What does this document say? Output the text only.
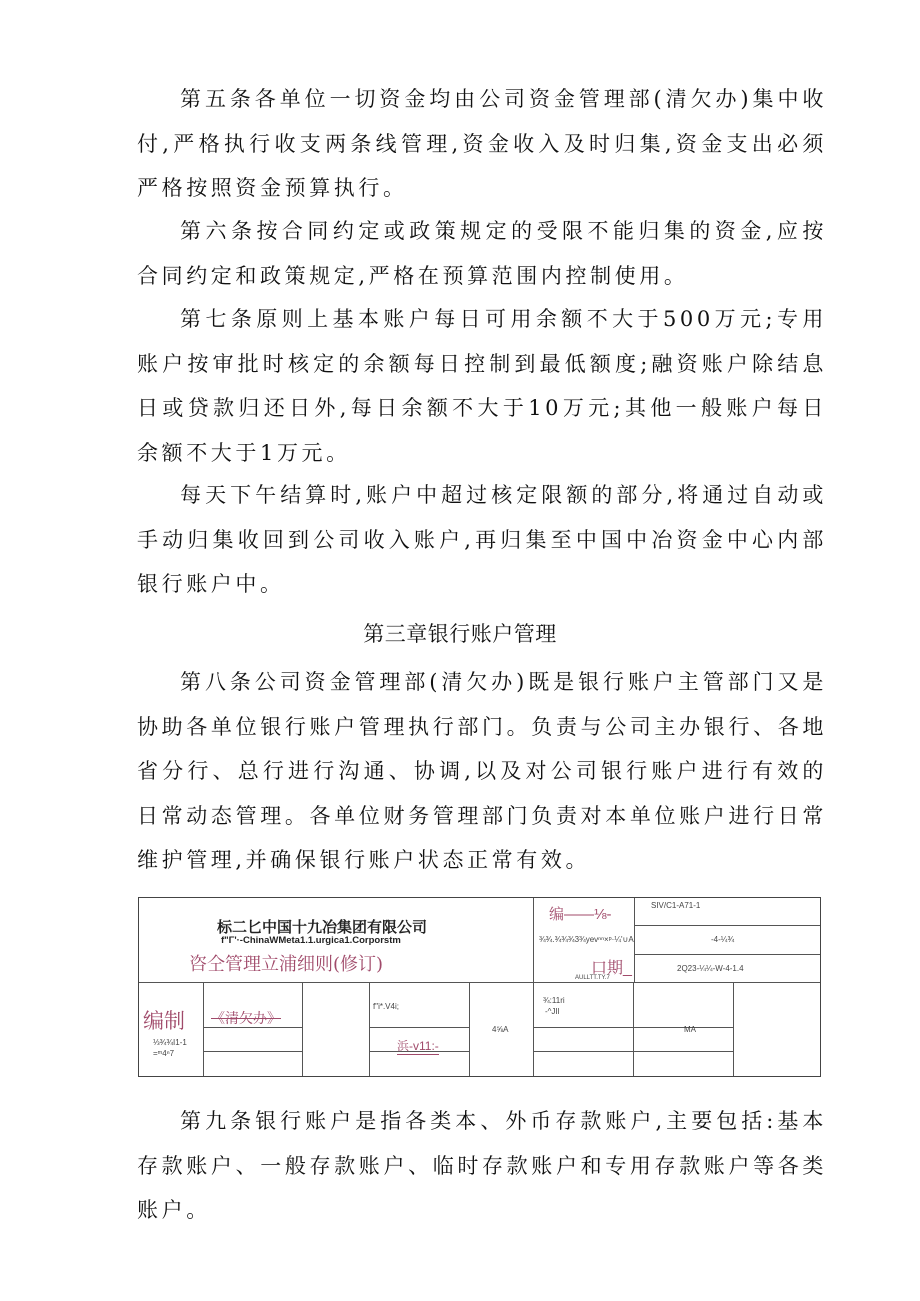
第五条各单位一切资金均由公司资金管理部(清欠办)集中收付,严格执行收支两条线管理,资金收入及时归集,资金支出必须严格按照资金预算执行。

第六条按合同约定或政策规定的受限不能归集的资金,应按合同约定和政策规定,严格在预算范围内控制使用。

第七条原则上基本账户每日可用余额不大于500万元;专用账户按审批时核定的余额每日控制到最低额度;融资账户除结息日或贷款归还日外,每日余额不大于10万元;其他一般账户每日余额不大于1万元。

每天下午结算时,账户中超过核定限额的部分,将通过自动或手动归集收回到公司收入账户,再归集至中国中冶资金中心内部银行账户中。

第三章银行账户管理

第八条公司资金管理部(清欠办)既是银行账户主管部门又是协助各单位银行账户管理执行部门。负责与公司主办银行、各地省分行、总行进行沟通、协调,以及对公司银行账户进行有效的日常动态管理。各单位财务管理部门负责对本单位账户进行日常维护管理,并确保银行账户状态正常有效。

标二匕中国十九冶集团有限公司
f"Γ'·-ChinaWMeta1.1.urgica1.Corporstm
咨仝管理立浦细则(修订)
编——⅛-
SIV/C1-A71-1
¾¾.¾¾¾3¾yevⁿⁿ×ᵖ·¼'∪A	-4-¼¾
口期_
AULLTT.TY.7
2Q23-¼¼-W-4-1.4
编制
⅓¾¾I1-1
=ᵐ4ⁿ7
《清欠办》
f"i*.V4i;
浜-v11:-
4⅝A
¾:11ri
-^JIl
MA

第九条银行账户是指各类本、外币存款账户,主要包括:基本存款账户、一般存款账户、临时存款账户和专用存款账户等各类账户。
